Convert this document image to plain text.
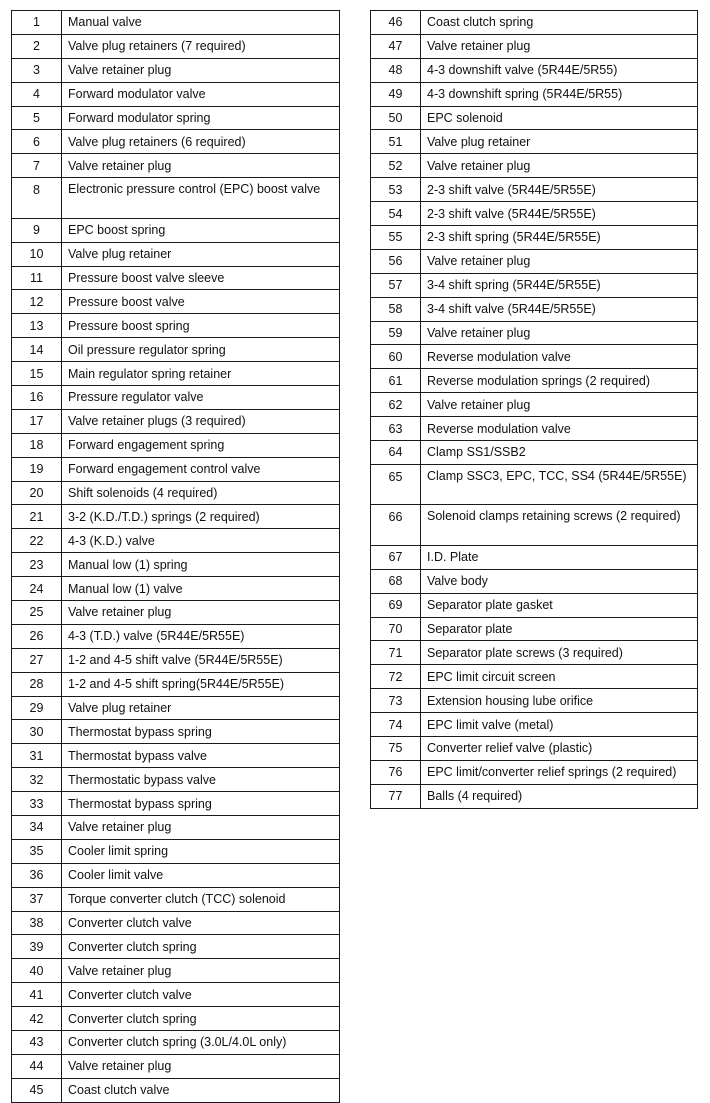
1	Manual valve
2	Valve plug retainers (7 required)
3	Valve retainer plug
4	Forward modulator valve
5	Forward modulator spring
6	Valve plug retainers (6 required)
7	Valve retainer plug
8	Electronic pressure control (EPC) boost valve
9	EPC boost spring
10	Valve plug retainer
11	Pressure boost valve sleeve
12	Pressure boost valve
13	Pressure boost spring
14	Oil pressure regulator spring
15	Main regulator spring retainer
16	Pressure regulator valve
17	Valve retainer plugs (3 required)
18	Forward engagement spring
19	Forward engagement control valve
20	Shift solenoids (4 required)
21	3-2 (K.D./T.D.) springs (2 required)
22	4-3 (K.D.) valve
23	Manual low (1) spring
24	Manual low (1) valve
25	Valve retainer plug
26	4-3 (T.D.) valve (5R44E/5R55E)
27	1-2 and 4-5 shift valve (5R44E/5R55E)
28	1-2 and 4-5 shift spring(5R44E/5R55E)
29	Valve plug retainer
30	Thermostat bypass spring
31	Thermostat bypass valve
32	Thermostatic bypass valve
33	Thermostat bypass spring
34	Valve retainer plug
35	Cooler limit spring
36	Cooler limit valve
37	Torque converter clutch (TCC) solenoid
38	Converter clutch valve
39	Converter clutch spring
40	Valve retainer plug
41	Converter clutch valve
42	Converter clutch spring
43	Converter clutch spring (3.0L/4.0L only)
44	Valve retainer plug
45	Coast clutch valve
46	Coast clutch spring
47	Valve retainer plug
48	4-3 downshift valve (5R44E/5R55)
49	4-3 downshift spring (5R44E/5R55)
50	EPC solenoid
51	Valve plug retainer
52	Valve retainer plug
53	2-3 shift valve (5R44E/5R55E)
54	2-3 shift valve (5R44E/5R55E)
55	2-3 shift spring (5R44E/5R55E)
56	Valve retainer plug
57	3-4 shift spring (5R44E/5R55E)
58	3-4 shift valve (5R44E/5R55E)
59	Valve retainer plug
60	Reverse modulation valve
61	Reverse modulation springs (2 required)
62	Valve retainer plug
63	Reverse modulation valve
64	Clamp SS1/SSB2
65	Clamp SSC3, EPC, TCC, SS4 (5R44E/5R55E)
66	Solenoid clamps retaining screws (2 required)
67	I.D. Plate
68	Valve body
69	Separator plate gasket
70	Separator plate
71	Separator plate screws (3 required)
72	EPC limit circuit screen
73	Extension housing lube orifice
74	EPC limit valve (metal)
75	Converter relief valve (plastic)
76	EPC limit/converter relief springs (2 required)
77	Balls (4 required)
